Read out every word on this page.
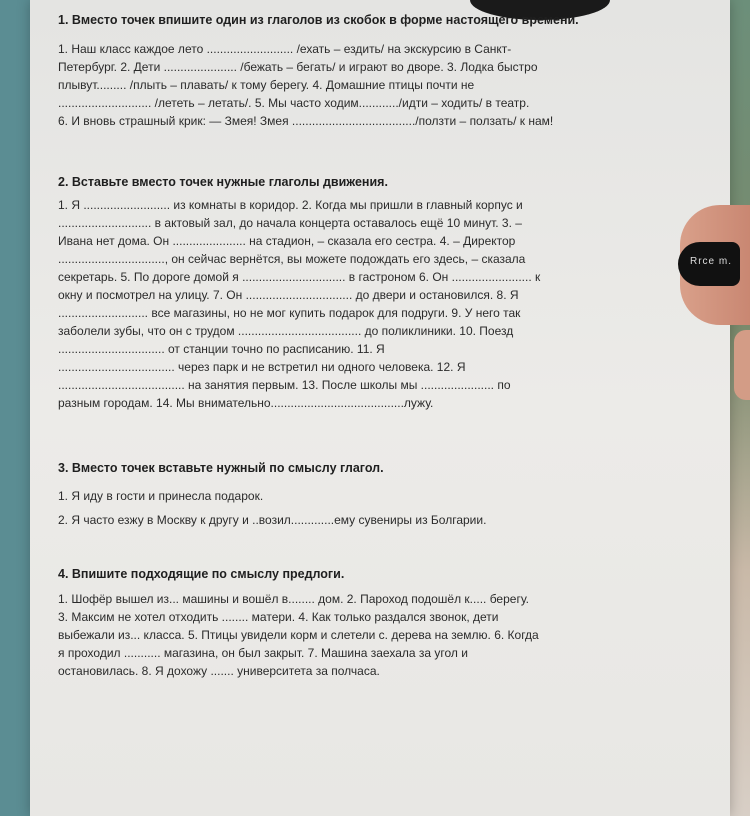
Rrce m.
1. Вместо точек впишите один из глаголов из скобок в форме настоящего времени.

1. Наш класс каждое лето .......................... /ехать – ездить/ на экскурсию в Санкт-

Петербург. 2. Дети ...................... /бежать – бегать/ и играют во дворе. 3. Лодка быстро

плывут......... /плыть – плавать/ к тому берегу. 4. Домашние птицы почти не

............................ /лететь – летать/. 5. Мы часто ходим............/идти – ходить/ в театр.

6. И вновь страшный крик: — Змея! Змея ...................................../ползти – ползать/ к нам!

2. Вставьте вместо точек нужные глаголы движения.

1. Я .......................... из комнаты в коридор. 2. Когда мы пришли в главный корпус и

............................ в актовый зал, до начала концерта оставалось ещё 10 минут. 3. –

Ивана нет дома. Он ...................... на стадион, – сказала его сестра. 4. – Директор

................................, он сейчас вернётся, вы можете подождать его здесь, – сказала

секретарь. 5. По дороге домой я ............................... в гастроном 6. Он ........................ к

окну и посмотрел на улицу. 7. Он ................................ до двери и остановился. 8. Я

........................... все магазины, но не мог купить подарок для подруги. 9. У него так

заболели зубы, что он с трудом ..................................... до поликлиники. 10. Поезд

................................ от станции точно по расписанию. 11. Я

................................... через парк и не встретил ни одного человека. 12. Я

...................................... на занятия первым. 13. После школы мы ...................... по

разным городам. 14. Мы внимательно........................................лужу.

3. Вместо точек вставьте нужный по смыслу глагол.

1. Я иду в гости и принесла подарок.

2. Я часто езжу в Москву к другу и ..возил.............ему сувениры из Болгарии.

4. Впишите подходящие по смыслу предлоги.

1. Шофёр вышел из... машины и вошёл в........ дом. 2. Пароход подошёл к..... берегу.

3. Максим не хотел отходить ........ матери. 4. Как только раздался звонок, дети

выбежали из... класса. 5. Птицы увидели корм и слетели с. дерева на землю. 6. Когда

я проходил ........... магазина, он был закрыт. 7. Машина заехала за угол и

остановилась. 8. Я дохожу ....... университета за полчаса.
